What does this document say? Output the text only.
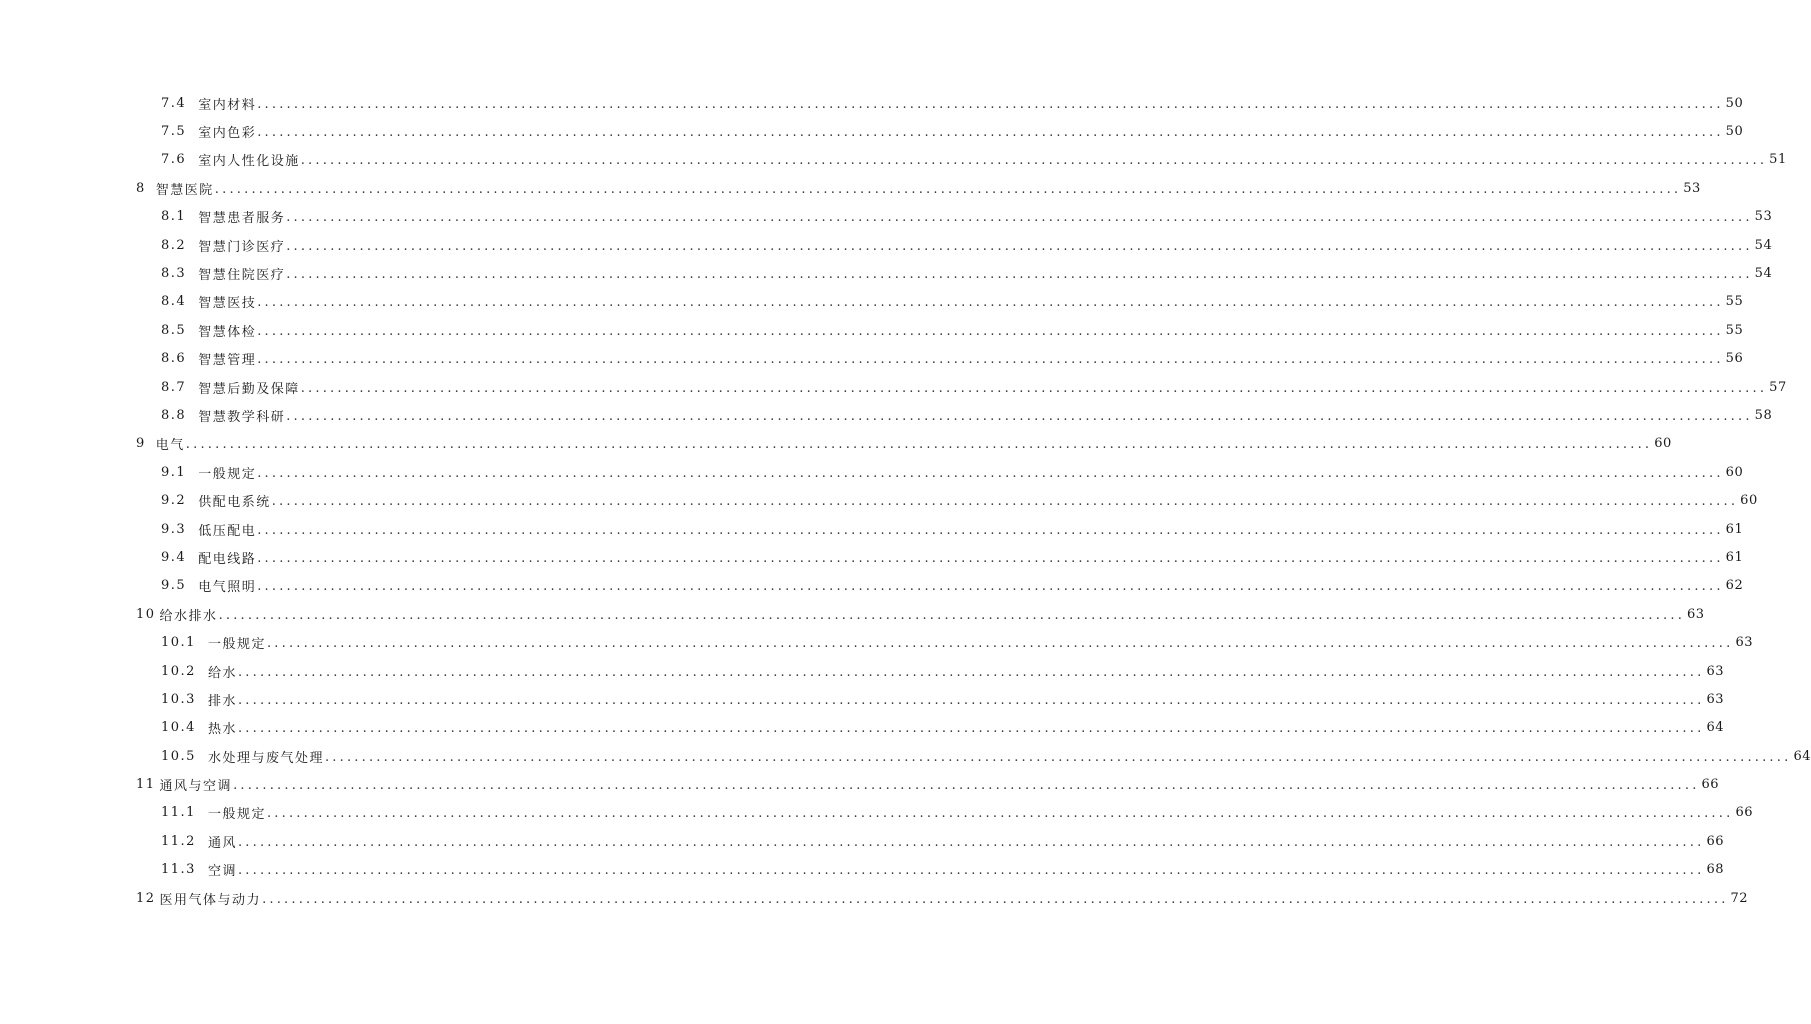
7.4 室内材料 ........................................................................................................................................................................................................ 50
7.5 室内色彩 ........................................................................................................................................................................................................ 50
7.6 室内人性化设施 ........................................................................................................................................................................................................ 51
8 智慧医院 ........................................................................................................................................................................................................ 53
8.1 智慧患者服务 ........................................................................................................................................................................................................ 53
8.2 智慧门诊医疗 ........................................................................................................................................................................................................ 54
8.3 智慧住院医疗 ........................................................................................................................................................................................................ 54
8.4 智慧医技 ........................................................................................................................................................................................................ 55
8.5 智慧体检 ........................................................................................................................................................................................................ 55
8.6 智慧管理 ........................................................................................................................................................................................................ 56
8.7 智慧后勤及保障 ........................................................................................................................................................................................................ 57
8.8 智慧教学科研 ........................................................................................................................................................................................................ 58
9 电气 ........................................................................................................................................................................................................ 60
9.1 一般规定 ........................................................................................................................................................................................................ 60
9.2 供配电系统 ........................................................................................................................................................................................................ 60
9.3 低压配电 ........................................................................................................................................................................................................ 61
9.4 配电线路 ........................................................................................................................................................................................................ 61
9.5 电气照明 ........................................................................................................................................................................................................ 62
10 给水排水 ........................................................................................................................................................................................................ 63
10.1 一般规定 ........................................................................................................................................................................................................ 63
10.2 给水 ........................................................................................................................................................................................................ 63
10.3 排水 ........................................................................................................................................................................................................ 63
10.4 热水 ........................................................................................................................................................................................................ 64
10.5 水处理与废气处理 ........................................................................................................................................................................................................ 64
11 通风与空调 ........................................................................................................................................................................................................ 66
11.1 一般规定 ........................................................................................................................................................................................................ 66
11.2 通风 ........................................................................................................................................................................................................ 66
11.3 空调 ........................................................................................................................................................................................................ 68
12 医用气体与动力 ........................................................................................................................................................................................................ 72
